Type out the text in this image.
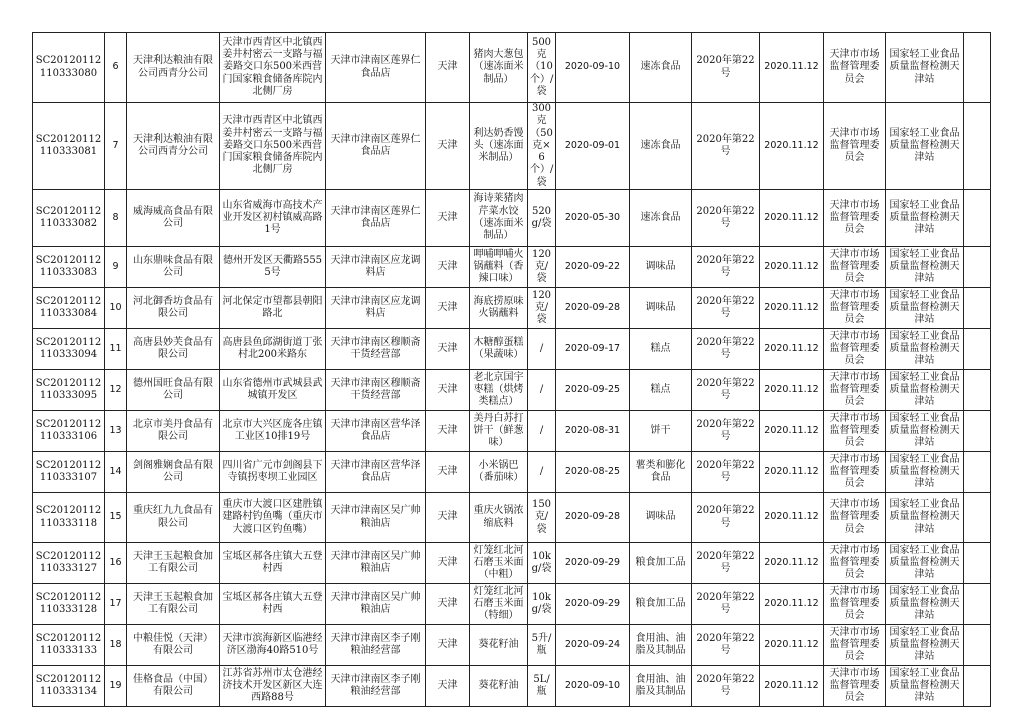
SC20120112110333080	6	天津利达粮油有限公司西青分公司	天津市西青区中北镇西姜井村密云一支路与福姜路交口东500米西营门国家粮食储备库院内北侧厂房	天津市津南区莲界仁食品店	天津	猪肉大葱包（速冻面米制品）	500克（10个）/袋	2020-09-10	速冻食品	2020年第22号	2020.11.12	天津市市场监督管理委员会	国家轻工业食品质量监督检测天津站	
SC20120112110333081	7	天津利达粮油有限公司西青分公司	天津市西青区中北镇西姜井村密云一支路与福姜路交口东500米西营门国家粮食储备库院内北侧厂房	天津市津南区莲界仁食品店	天津	利达奶香馒头（速冻面米制品）	300克（50克×6个）/袋	2020-09-01	速冻食品	2020年第22号	2020.11.12	天津市市场监督管理委员会	国家轻工业食品质量监督检测天津站	
SC20120112110333082	8	威海威高食品有限公司	山东省威海市高技术产业开发区初村镇威高路1号	天津市津南区莲界仁食品店	天津	海诗莱猪肉芹菜水饺（速冻面米制品）	520g/袋	2020-05-30	速冻食品	2020年第22号	2020.11.12	天津市市场监督管理委员会	国家轻工业食品质量监督检测天津站	
SC20120112110333083	9	山东鼎味食品有限公司	德州开发区天衢路5555号	天津市津南区应龙调料店	天津	呷哺呷哺火锅蘸料（香辣口味）	120克/袋	2020-09-22	调味品	2020年第22号	2020.11.12	天津市市场监督管理委员会	国家轻工业食品质量监督检测天津站	
SC20120112110333084	10	河北御香坊食品有限公司	河北保定市望都县朝阳路北	天津市津南区应龙调料店	天津	海底捞原味火锅蘸料	120克/袋	2020-09-28	调味品	2020年第22号	2020.11.12	天津市市场监督管理委员会	国家轻工业食品质量监督检测天津站	
SC20120112110333094	11	高唐县妙芙食品有限公司	高唐县鱼邱湖街道丁张村北200米路东	天津市津南区穆顺斋干货经营部	天津	木糖醇蛋糕（果蔬味）	/	2020-09-17	糕点	2020年第22号	2020.11.12	天津市市场监督管理委员会	国家轻工业食品质量监督检测天津站	
SC20120112110333095	12	德州国旺食品有限公司	山东省德州市武城县武城镇开发区	天津市津南区穆顺斋干货经营部	天津	老北京国宇枣糕（烘烤类糕点）	/	2020-09-25	糕点	2020年第22号	2020.11.12	天津市市场监督管理委员会	国家轻工业食品质量监督检测天津站	
SC20120112110333106	13	北京市美丹食品有限公司	北京市大兴区庞各庄镇工业区10排19号	天津市津南区营华泽食品店	天津	美丹白苏打饼干（鲜葱味）	/	2020-08-31	饼干	2020年第22号	2020.11.12	天津市市场监督管理委员会	国家轻工业食品质量监督检测天津站	
SC20120112110333107	14	剑阁雅娴食品有限公司	四川省广元市剑阁县下寺镇拐枣坝工业园区	天津市津南区营华泽食品店	天津	小米锅巴（番茄味）	/	2020-08-25	薯类和膨化食品	2020年第22号	2020.11.12	天津市市场监督管理委员会	国家轻工业食品质量监督检测天津站	
SC20120112110333118	15	重庆红九九食品有限公司	重庆市大渡口区建胜镇建路村钓鱼嘴（重庆市大渡口区钓鱼嘴）	天津市津南区吴广帅粮油店	天津	重庆火锅浓缩底料	150克/袋	2020-09-28	调味品	2020年第22号	2020.11.12	天津市市场监督管理委员会	国家轻工业食品质量监督检测天津站	
SC20120112110333127	16	天津王玉起粮食加工有限公司	宝坻区郝各庄镇大五登村西	天津市津南区吴广帅粮油店	天津	灯笼红北河石磨玉米面（中粗）	10kg/袋	2020-09-29	粮食加工品	2020年第22号	2020.11.12	天津市市场监督管理委员会	国家轻工业食品质量监督检测天津站	
SC20120112110333128	17	天津王玉起粮食加工有限公司	宝坻区郝各庄镇大五登村西	天津市津南区吴广帅粮油店	天津	灯笼红北河石磨玉米面（特细）	10kg/袋	2020-09-29	粮食加工品	2020年第22号	2020.11.12	天津市市场监督管理委员会	国家轻工业食品质量监督检测天津站	
SC20120112110333133	18	中粮佳悦（天津）有限公司	天津市滨海新区临港经济区渤海40路510号	天津市津南区李子刚粮油经营部	天津	葵花籽油	5升/瓶	2020-09-24	食用油、油脂及其制品	2020年第22号	2020.11.12	天津市市场监督管理委员会	国家轻工业食品质量监督检测天津站	
SC20120112110333134	19	佳格食品（中国）有限公司	江苏省苏州市太仓港经济技术开发区新区大连西路88号	天津市津南区李子刚粮油经营部	天津	葵花籽油	5L/瓶	2020-09-10	食用油、油脂及其制品	2020年第22号	2020.11.12	天津市市场监督管理委员会	国家轻工业食品质量监督检测天津站	
